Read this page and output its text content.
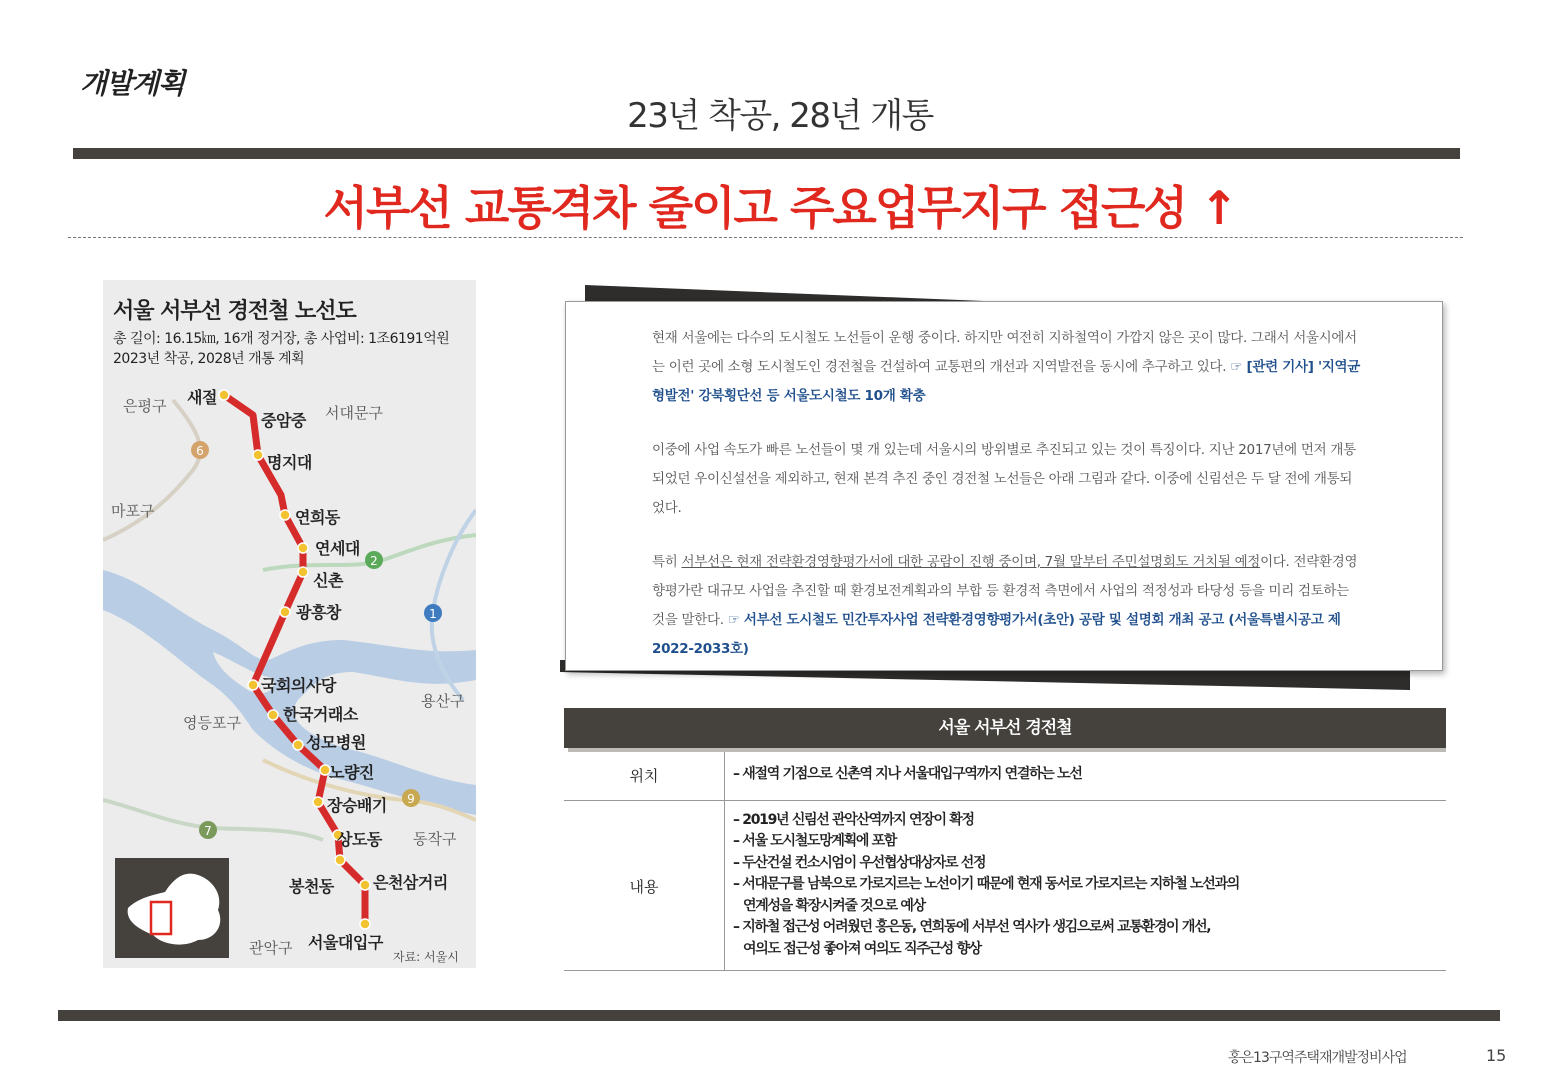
개발계획
23년 착공, 28년 개통
서부선 교통격차 줄이고 주요업무지구 접근성 ↑
6
2
1
9
7
서울 서부선 경전철 노선도
총 길이: 16.15㎞, 16개 정거장, 총 사업비: 1조6191억원
2023년 착공, 2028년 개통 계획
은평구	서대문구
마포구
용산구
영등포구
동작구
관악구
새절
중암중
명지대
연희동
연세대
신촌
광흥창
국회의사당
한국거래소
성모병원
노량진
장승배기
상도동
봉천동 은천삼거리
서울대입구
자료: 서울시
현재 서울에는 다수의 도시철도 노선들이 운행 중이다. 하지만 여전히 지하철역이 가깝지 않은 곳이 많다. 그래서 서울시에서는 이런 곳에 소형 도시철도인 경전철을 건설하여 교통편의 개선과 지역발전을 동시에 추구하고 있다. ☞ [관련 기사] '지역균형발전' 강북횡단선 등 서울도시철도 10개 확충
이중에 사업 속도가 빠른 노선들이 몇 개 있는데 서울시의 방위별로 추진되고 있는 것이 특징이다. 지난 2017년에 먼저 개통되었던 우이신설선을 제외하고, 현재 본격 추진 중인 경전철 노선들은 아래 그림과 같다. 이중에 신림선은 두 달 전에 개통되었다.
특히 서부선은 현재 전략환경영향평가서에 대한 공람이 진행 중이며, 7월 말부터 주민설명회도 거치될 예정이다. 전략환경영향평가란 대규모 사업을 추진할 때 환경보전계획과의 부합 등 환경적 측면에서 사업의 적정성과 타당성 등을 미리 검토하는 것을 말한다. ☞ 서부선 도시철도 민간투자사업 전략환경영향평가서(초안) 공람 및 설명회 개최 공고 (서울특별시공고 제2022-2033호)
서울 서부선 경전철
위치	– 새절역 기점으로 신촌역 지나 서울대입구역까지 연결하는 노선
내용
– 2019년 신림선 관악산역까지 연장이 확정
– 서울 도시철도망계획에 포함
– 두산건설 컨소시엄이 우선협상대상자로 선정
– 서대문구를 남북으로 가로지르는 노선이기 때문에 현재 동서로 가로지르는 지하철 노선과의
연계성을 확장시켜줄 것으로 예상
– 지하철 접근성 어려웠던 홍은동, 연희동에 서부선 역사가 생김으로써 교통환경이 개선,
여의도 접근성 좋아져 여의도 직주근성 향상
홍은13구역주택재개발정비사업	15
